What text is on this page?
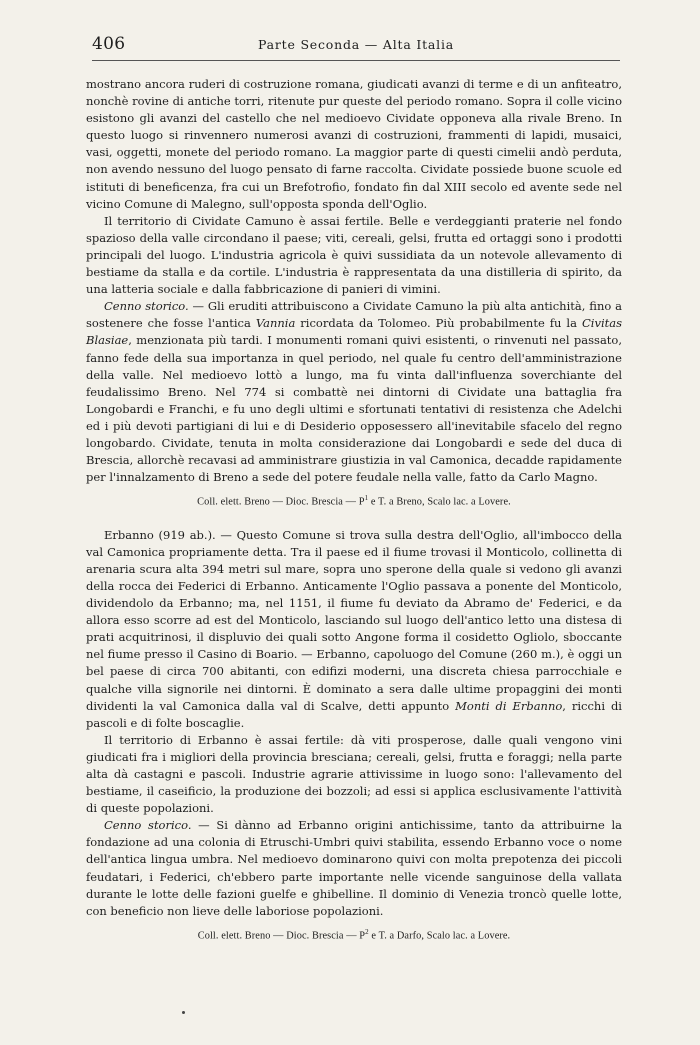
406	Parte Seconda — Alta Italia

mostrano ancora ruderi di costruzione romana, giudicati avanzi di terme e di un anfiteatro, nonchè rovine di antiche torri, ritenute pur queste del periodo romano. Sopra il colle vicino esistono gli avanzi del castello che nel medioevo Cividate opponeva alla rivale Breno. In questo luogo si rinvennero numerosi avanzi di costruzioni, frammenti di lapidi, musaici, vasi, oggetti, monete del periodo romano. La maggior parte di questi cimelii andò perduta, non avendo nessuno del luogo pensato di farne raccolta. Cividate possiede buone scuole ed istituti di beneficenza, fra cui un Brefotrofio, fondato fin dal XIII secolo ed avente sede nel vicino Comune di Malegno, sull'opposta sponda dell'Oglio.

Il territorio di Cividate Camuno è assai fertile. Belle e verdeggianti praterie nel fondo spazioso della valle circondano il paese; viti, cereali, gelsi, frutta ed ortaggi sono i prodotti principali del luogo. L'industria agricola è quivi sussidiata da un notevole allevamento di bestiame da stalla e da cortile. L'industria è rappresentata da una distilleria di spirito, da una latteria sociale e dalla fabbricazione di panieri di vimini.

Cenno storico. — Gli eruditi attribuiscono a Cividate Camuno la più alta antichità, fino a sostenere che fosse l'antica Vannia ricordata da Tolomeo. Più probabilmente fu la Civitas Blasiae, menzionata più tardi. I monumenti romani quivi esistenti, o rinvenuti nel passato, fanno fede della sua importanza in quel periodo, nel quale fu centro dell'amministrazione della valle. Nel medioevo lottò a lungo, ma fu vinta dall'influenza soverchiante del feudalissimo Breno. Nel 774 si combattè nei dintorni di Cividate una battaglia fra Longobardi e Franchi, e fu uno degli ultimi e sfortunati tentativi di resistenza che Adelchi ed i più devoti partigiani di lui e di Desiderio opposessero all'inevitabile sfacelo del regno longobardo. Cividate, tenuta in molta considerazione dai Longobardi e sede del duca di Brescia, allorchè recavasi ad amministrare giustizia in val Camonica, decadde rapidamente per l'innalzamento di Breno a sede del potere feudale nella valle, fatto da Carlo Magno.

Coll. elett. Breno — Dioc. Brescia — $P^1$ e T. a Breno, Scalo lac. a Lovere.

Erbanno (919 ab.). — Questo Comune si trova sulla destra dell'Oglio, all'imbocco della val Camonica propriamente detta. Tra il paese ed il fiume trovasi il Monticolo, collinetta di arenaria scura alta 394 metri sul mare, sopra uno sperone della quale si vedono gli avanzi della rocca dei Federici di Erbanno. Anticamente l'Oglio passava a ponente del Monticolo, dividendolo da Erbanno; ma, nel 1151, il fiume fu deviato da Abramo de' Federici, e da allora esso scorre ad est del Monticolo, lasciando sul luogo dell'antico letto una distesa di prati acquitrinosi, il displuvio dei quali sotto Angone forma il cosidetto Ogliolo, sboccante nel fiume presso il Casino di Boario. — Erbanno, capoluogo del Comune (260 m.), è oggi un bel paese di circa 700 abitanti, con edifizi moderni, una discreta chiesa parrocchiale e qualche villa signorile nei dintorni. È dominato a sera dalle ultime propaggini dei monti dividenti la val Camonica dalla val di Scalve, detti appunto Monti di Erbanno, ricchi di pascoli e di folte boscaglie.

Il territorio di Erbanno è assai fertile: dà viti prosperose, dalle quali vengono vini giudicati fra i migliori della provincia bresciana; cereali, gelsi, frutta e foraggi; nella parte alta dà castagni e pascoli. Industrie agrarie attivissime in luogo sono: l'allevamento del bestiame, il caseificio, la produzione dei bozzoli; ad essi si applica esclusivamente l'attività di queste popolazioni.

Cenno storico. — Si dànno ad Erbanno origini antichissime, tanto da attribuirne la fondazione ad una colonia di Etruschi-Umbri quivi stabilita, essendo Erbanno voce o nome dell'antica lingua umbra. Nel medioevo dominarono quivi con molta prepotenza dei piccoli feudatari, i Federici, ch'ebbero parte importante nelle vicende sanguinose della vallata durante le lotte delle fazioni guelfe e ghibelline. Il dominio di Venezia troncò quelle lotte, con beneficio non lieve delle laboriose popolazioni.

Coll. elett. Breno — Dioc. Brescia — $P^2$ e T. a Darfo, Scalo lac. a Lovere.
